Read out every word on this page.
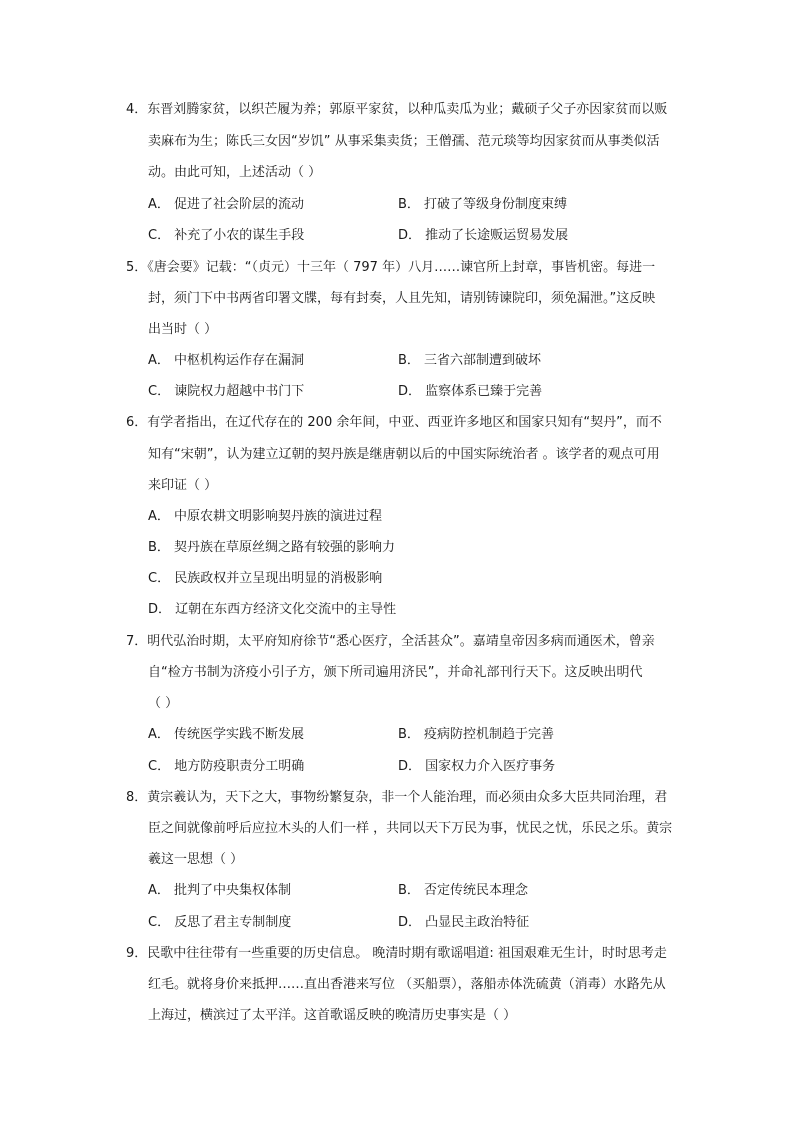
4．东晋刘腾家贫，以织芒履为养；郭原平家贫，以种瓜卖瓜为业；戴硕子父子亦因家贫而以贩
卖麻布为生；陈氏三女因“岁饥” 从事采集卖货；王僧孺、范元琰等均因家贫而从事类似活
动。由此可知，上述活动（ ）
A． 促进了社会阶层的流动	B． 打破了等级身份制度束缚
C． 补充了小农的谋生手段	D． 推动了长途贩运贸易发展
5．《唐会要》记载：“（贞元）十三年（ 797 年）八月……谏官所上封章，事皆机密。每进一
封，须门下中书两省印署文牒，每有封奏，人且先知，请别铸谏院印，须免漏泄。”这反映
出当时（ ）
A． 中枢机构运作存在漏洞	B． 三省六部制遭到破坏
C． 谏院权力超越中书门下	D． 监察体系已臻于完善
6．有学者指出，在辽代存在的 200 余年间，中亚、西亚许多地区和国家只知有“契丹”，而不
知有“宋朝”，认为建立辽朝的契丹族是继唐朝以后的中国实际统治者 。该学者的观点可用
来印证（ ）
A． 中原农耕文明影响契丹族的演进过程
B． 契丹族在草原丝绸之路有较强的影响力
C． 民族政权并立呈现出明显的消极影响
D． 辽朝在东西方经济文化交流中的主导性
7．明代弘治时期，太平府知府徐节“悉心医疗，全活甚众”。嘉靖皇帝因多病而通医术，曾亲
自“检方书制为济疫小引子方，颁下所司遍用济民”，并命礼部刊行天下。这反映出明代
（ ）
A． 传统医学实践不断发展	B． 疫病防控机制趋于完善
C． 地方防疫职责分工明确	D． 国家权力介入医疗事务
8．黄宗羲认为，天下之大，事物纷繁复杂，非一个人能治理，而必须由众多大臣共同治理，君
臣之间就像前呼后应拉木头的人们一样 ，共同以天下万民为事，忧民之忧，乐民之乐。黄宗
羲这一思想（ ）
A． 批判了中央集权体制	B． 否定传统民本理念
C． 反思了君主专制制度	D． 凸显民主政治特征
9．民歌中往往带有一些重要的历史信息。 晚清时期有歌谣唱道: 祖国艰难无生计，时时思考走
红毛。就将身价来抵押……直出香港来写位 （买船票），落船赤体洗硫黄（消毒）水路先从
上海过，横滨过了太平洋。这首歌谣反映的晚清历史事实是（ ）
